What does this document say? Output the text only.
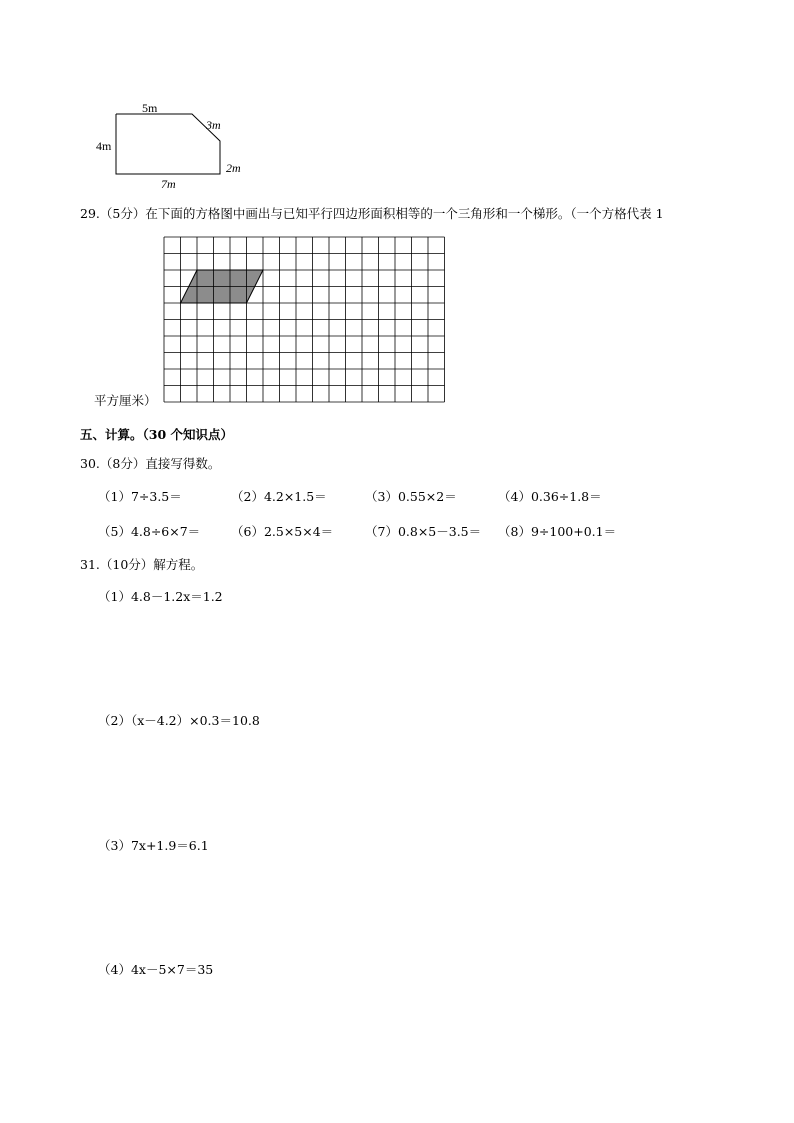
5m
4m
3m
2m
7m
29.（5分）在下面的方格图中画出与已知平行四边形面积相等的一个三角形和一个梯形。（一个方格代表 1
平方厘米）
五、计算。（30 个知识点）
30.（8分）直接写得数。
（1）7÷3.5＝	（2）4.2×1.5＝	（3）0.55×2＝	（4）0.36÷1.8＝
（5）4.8÷6×7＝ （6）2.5×5×4＝	（7）0.8×5－3.5＝ （8）9÷100+0.1＝
31.（10分）解方程。
（1）4.8－1.2x＝1.2
（2）（x－4.2）×0.3＝10.8
（3）7x+1.9＝6.1
（4）4x－5×7＝35
